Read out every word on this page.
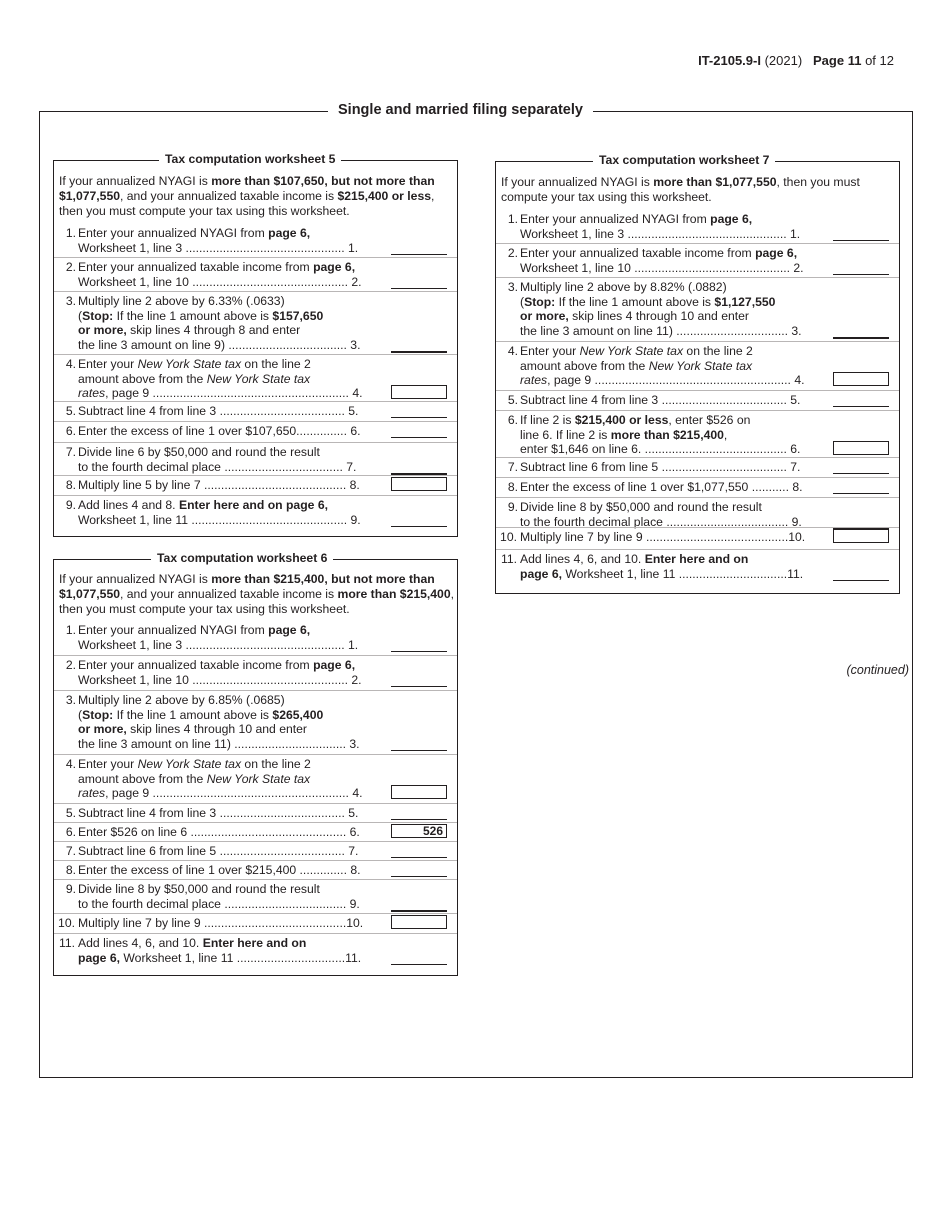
IT-2105.9-I (2021) Page 11 of 12
Single and married filing separately
Tax computation worksheet 5
If your annualized NYAGI is more than $107,650, but not more than $1,077,550, and your annualized taxable income is $215,400 or less, then you must compute your tax using this worksheet.
1. Enter your annualized NYAGI from page 6,
Worksheet 1, line 3 ............................................... 1.
2. Enter your annualized taxable income from page 6,
Worksheet 1, line 10 .............................................. 2.
3. Multiply line 2 above by 6.33% (.0633)
(Stop: If the line 1 amount above is $157,650
or more, skip lines 4 through 8 and enter
the line 3 amount on line 9) ................................... 3.
4. Enter your New York State tax on the line 2
amount above from the New York State tax
rates, page 9 .......................................................... 4.
5. Subtract line 4 from line 3 ..................................... 5.
6. Enter the excess of line 1 over $107,650............... 6.
7. Divide line 6 by $50,000 and round the result
to the fourth decimal place ................................... 7.
8. Multiply line 5 by line 7 .......................................... 8.
9. Add lines 4 and 8. Enter here and on page 6,
Worksheet 1, line 11 .............................................. 9.
Tax computation worksheet 6
If your annualized NYAGI is more than $215,400, but not more than $1,077,550, and your annualized taxable income is more than $215,400, then you must compute your tax using this worksheet.
1. Enter your annualized NYAGI from page 6,
Worksheet 1, line 3 ............................................... 1.
2. Enter your annualized taxable income from page 6,
Worksheet 1, line 10 .............................................. 2.
3. Multiply line 2 above by 6.85% (.0685)
(Stop: If the line 1 amount above is $265,400
or more, skip lines 4 through 10 and enter
the line 3 amount on line 11) ................................. 3.
4. Enter your New York State tax on the line 2
amount above from the New York State tax
rates, page 9 .......................................................... 4.
5. Subtract line 4 from line 3 ..................................... 5.
6. Enter $526 on line 6 .............................................. 6.	526
7. Subtract line 6 from line 5 ..................................... 7.
8. Enter the excess of line 1 over $215,400 .............. 8.
9. Divide line 8 by $50,000 and round the result
to the fourth decimal place .................................... 9.
10. Multiply line 7 by line 9 ..........................................10.
11. Add lines 4, 6, and 10. Enter here and on
page 6, Worksheet 1, line 11 ................................11.
Tax computation worksheet 7
If your annualized NYAGI is more than $1,077,550, then you must compute your tax using this worksheet.
1. Enter your annualized NYAGI from page 6,
Worksheet 1, line 3 ............................................... 1.
2. Enter your annualized taxable income from page 6,
Worksheet 1, line 10 .............................................. 2.
3. Multiply line 2 above by 8.82% (.0882)
(Stop: If the line 1 amount above is $1,127,550
or more, skip lines 4 through 10 and enter
the line 3 amount on line 11) ................................. 3.
4. Enter your New York State tax on the line 2
amount above from the New York State tax
rates, page 9 .......................................................... 4.
5. Subtract line 4 from line 3 ..................................... 5.
6. If line 2 is $215,400 or less, enter $526 on
line 6. If line 2 is more than $215,400,
enter $1,646 on line 6. .......................................... 6.
7. Subtract line 6 from line 5 ..................................... 7.
8. Enter the excess of line 1 over $1,077,550 ........... 8.
9. Divide line 8 by $50,000 and round the result
to the fourth decimal place .................................... 9.
10. Multiply line 7 by line 9 ..........................................10.
11. Add lines 4, 6, and 10. Enter here and on
page 6, Worksheet 1, line 11 ................................11.
(continued)
